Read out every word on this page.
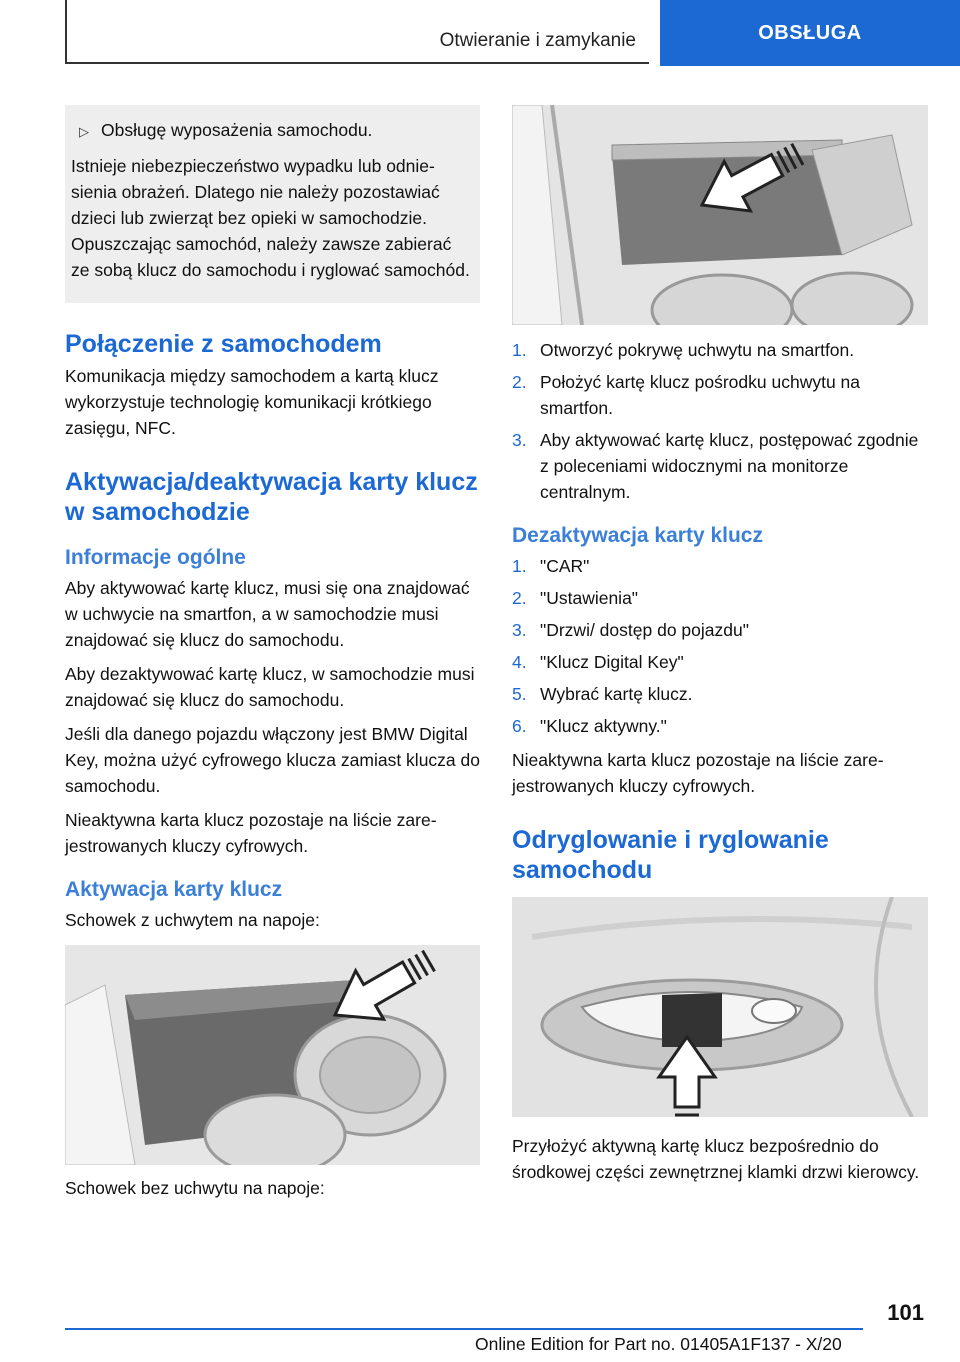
Otwieranie i zamykanie	OBSŁUGA
▷ Obsługę wyposażenia samochodu.
Istnieje niebezpieczeństwo wypadku lub odniesienia obrażeń. Dlatego nie należy pozostawiać dzieci lub zwierząt bez opieki w samochodzie. Opuszczając samochód, należy zawsze zabierać ze sobą klucz do samochodu i ryglować samochód.
Połączenie z samochodem

Komunikacja między samochodem a kartą klucz wykorzystuje technologię komunikacji krótkiego zasięgu, NFC.

Aktywacja/deaktywacja karty klucz w samochodzie
Informacje ogólne

Aby aktywować kartę klucz, musi się ona znajdować w uchwycie na smartfon, a w samochodzie musi znajdować się klucz do samochodu.

Aby dezaktywować kartę klucz, w samochodzie musi znajdować się klucz do samochodu.

Jeśli dla danego pojazdu włączony jest BMW Digital Key, można użyć cyfrowego klucza zamiast klucza do samochodu.

Nieaktywna karta klucz pozostaje na liście zarejestrowanych kluczy cyfrowych.

Aktywacja karty klucz

Schowek z uchwytem na napoje:

Schowek bez uchwytu na napoje:

1. Otworzyć pokrywę uchwytu na smartfon.
2. Położyć kartę klucz pośrodku uchwytu na smartfon.
3. Aby aktywować kartę klucz, postępować zgodnie z poleceniami widocznymi na monitorze centralnym.
Dezaktywacja karty klucz
1. "CAR"
2. "Ustawienia"
3. "Drzwi/ dostęp do pojazdu"
4. "Klucz Digital Key"
5. Wybrać kartę klucz.
6. "Klucz aktywny."

Nieaktywna karta klucz pozostaje na liście zarejestrowanych kluczy cyfrowych.

Odryglowanie i ryglowanie samochodu

Przyłożyć aktywną kartę klucz bezpośrednio do środkowej części zewnętrznej klamki drzwi kierowcy.

101
Online Edition for Part no. 01405A1F137 - X/20
